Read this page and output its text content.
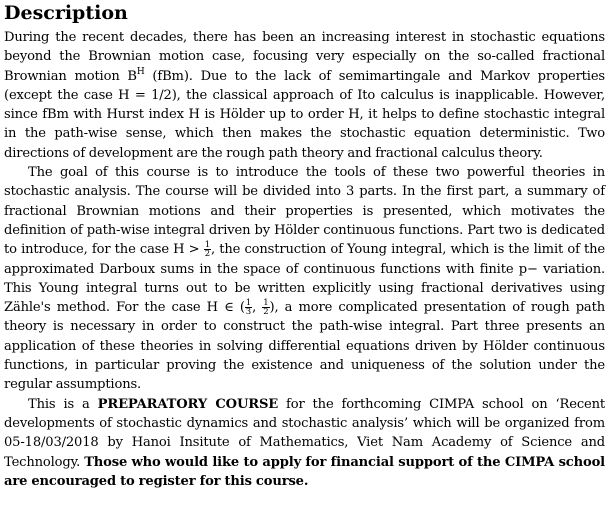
Description

During the recent decades, there has been an increasing interest in stochastic equations beyond the Brownian motion case, focusing very especially on the so-called fractional Brownian motion $B^H$ (fBm). Due to the lack of semimartingale and Markov properties (except the case H = 1/2), the classical approach of Ito calculus is inapplicable. However, since fBm with Hurst index H is Hölder up to order H, it helps to define stochastic integral in the path-wise sense, which then makes the stochastic equation deterministic. Two directions of development are the rough path theory and fractional calculus theory.

The goal of this course is to introduce the tools of these two powerful theories in stochastic analysis. The course will be divided into 3 parts. In the first part, a summary of fractional Brownian motions and their properties is presented, which motivates the definition of path-wise integral driven by Hölder continuous functions. Part two is dedicated to introduce, for the case $H > \frac{1}{2}$ , the construction of Young integral, which is the limit of the approximated Darboux sums in the space of continuous functions with finite p− variation. This Young integral turns out to be written explicitly using fractional derivatives using Zähle's method. For the case H ∈ ( $\frac{1}{3}$ , $\frac{1}{2}$ ), a more complicated presentation of rough path theory is necessary in order to construct the path-wise integral. Part three presents an application of these theories in solving differential equations driven by Hölder continuous functions, in particular proving the existence and uniqueness of the solution under the regular assumptions.

This is a PREPARATORY COURSE for the forthcoming CIMPA school on ‘Recent developments of stochastic dynamics and stochastic analysis’ which will be organized from 05-18/03/2018 by Hanoi Insitute of Mathematics, Viet Nam Academy of Science and Technology. Those who would like to apply for financial support of the CIMPA school are encouraged to register for this course.
